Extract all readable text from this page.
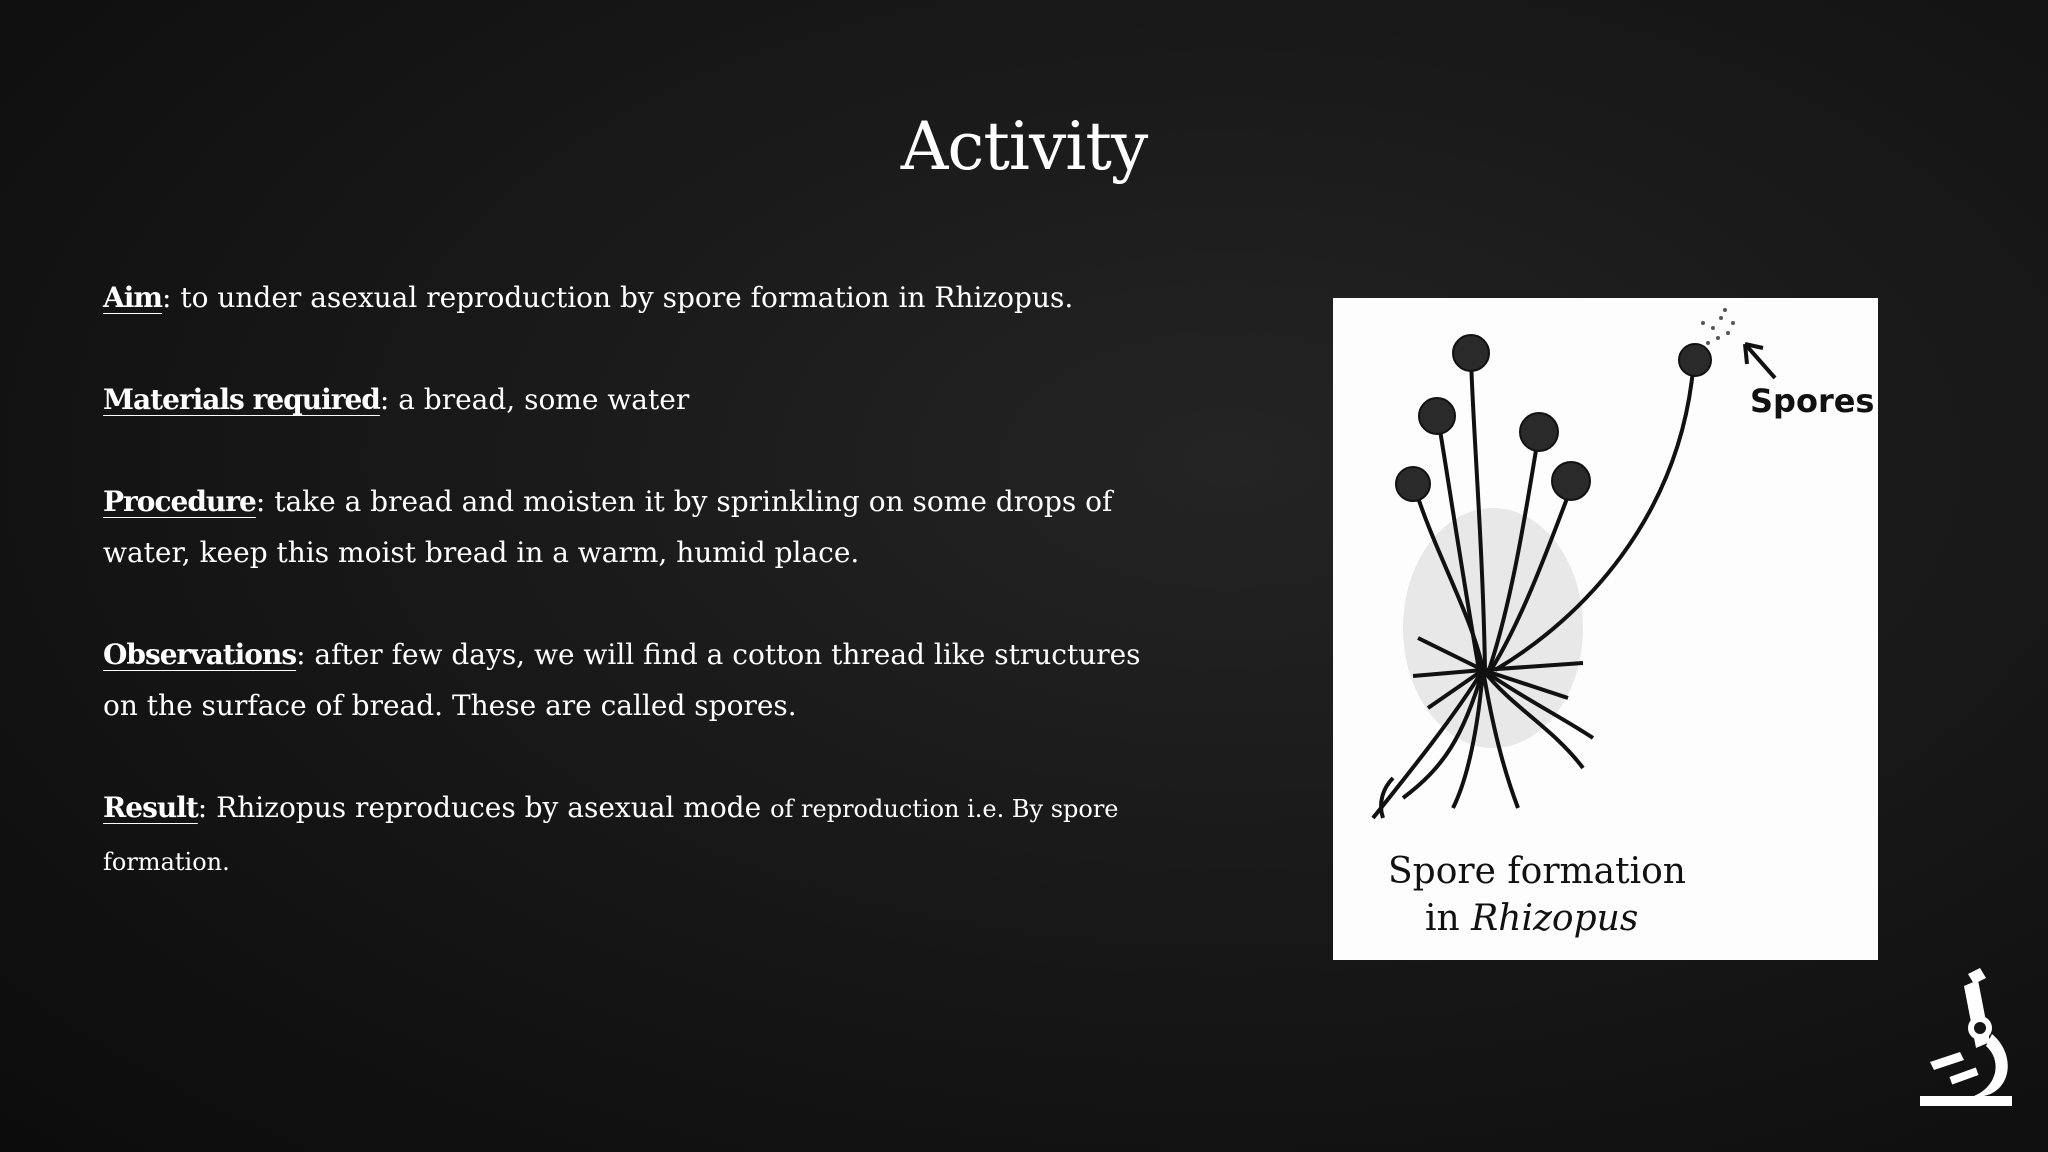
Activity

Aim: to under asexual reproduction by spore formation in Rhizopus.

Materials required: a bread, some water

Procedure: take a bread and moisten it by sprinkling on some drops of water, keep this moist bread in a warm, humid place.

Observations: after few days, we will find a cotton thread like structures on the surface of bread. These are called spores.

Result: Rhizopus reproduces by asexual mode of reproduction i.e. By spore formation.

Spores
Spore formation
in Rhizopus
